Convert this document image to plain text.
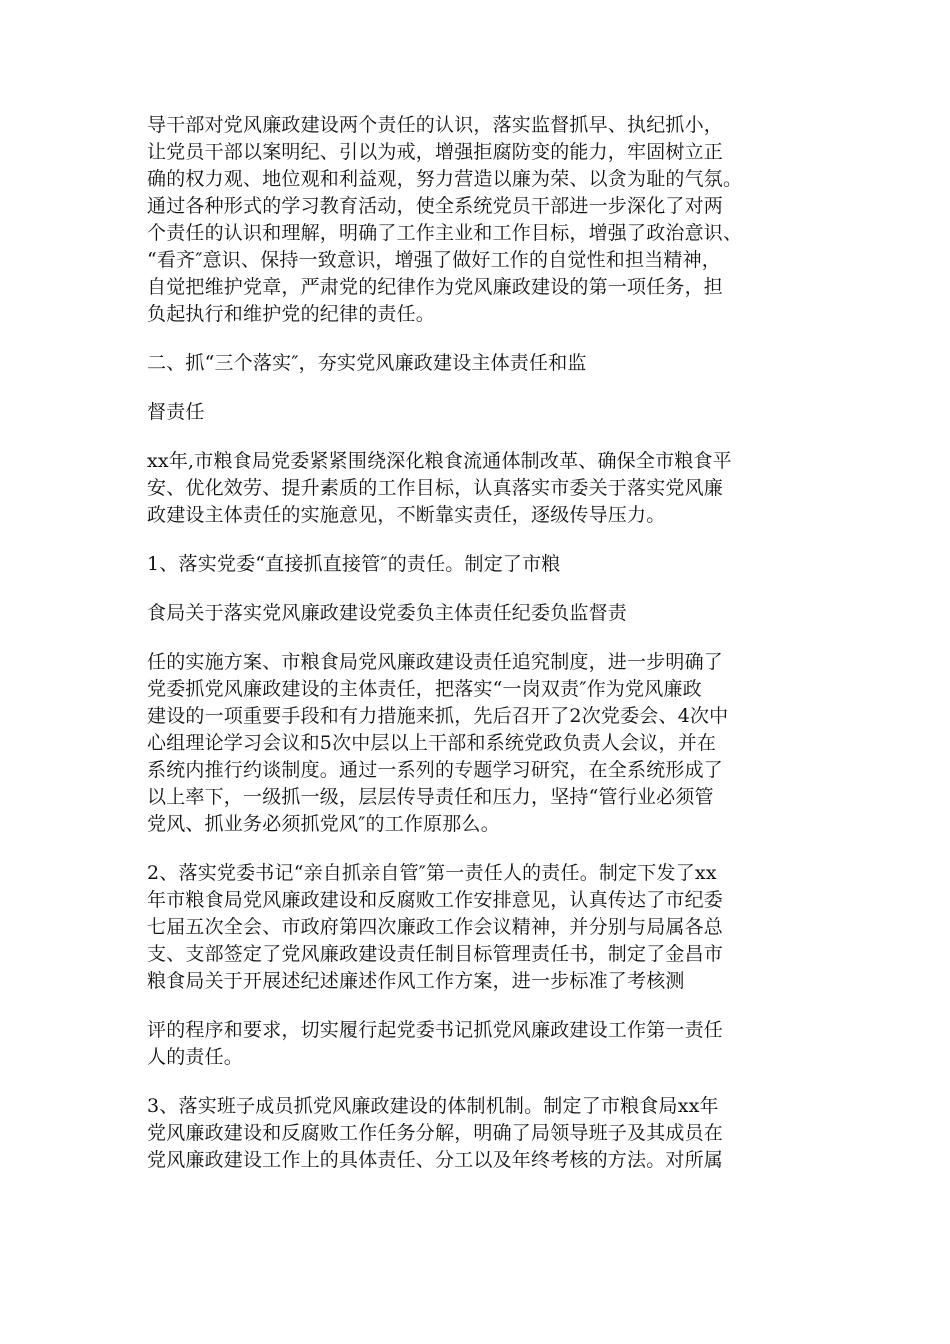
导干部对党风廉政建设两个责任的认识，落实监督抓早、执纪抓小，
让党员干部以案明纪、引以为戒，增强拒腐防变的能力，牢固树立正
确的权力观、地位观和利益观，努力营造以廉为荣、以贪为耻的气氛。
通过各种形式的学习教育活动，使全系统党员干部进一步深化了对两
个责任的认识和理解，明确了工作主业和工作目标，增强了政治意识、
“看齐″意识、保持一致意识，增强了做好工作的自觉性和担当精神，
自觉把维护党章，严肃党的纪律作为党风廉政建设的第一项任务，担
负起执行和维护党的纪律的责任。
二、抓“三个落实″，夯实党风廉政建设主体责任和监
督责任
xx年,市粮食局党委紧紧围绕深化粮食流通体制改革、确保全市粮食平
安、优化效劳、提升素质的工作目标，认真落实市委关于落实党风廉
政建设主体责任的实施意见，不断靠实责任，逐级传导压力。
1、落实党委“直接抓直接管″的责任。制定了市粮
食局关于落实党风廉政建设党委负主体责任纪委负监督责
任的实施方案、市粮食局党风廉政建设责任追究制度，进一步明确了
党委抓党风廉政建设的主体责任，把落实“一岗双责″作为党风廉政
建设的一项重要手段和有力措施来抓，先后召开了2次党委会、4次中
心组理论学习会议和5次中层以上干部和系统党政负责人会议，并在
系统内推行约谈制度。通过一系列的专题学习研究，在全系统形成了
以上率下，一级抓一级，层层传导责任和压力，坚持“管行业必须管
党风、抓业务必须抓党风″的工作原那么。
2、落实党委书记“亲自抓亲自管″第一责任人的责任。制定下发了xx
年市粮食局党风廉政建设和反腐败工作安排意见，认真传达了市纪委
七届五次全会、市政府第四次廉政工作会议精神，并分别与局属各总
支、支部签定了党风廉政建设责任制目标管理责任书，制定了金昌市
粮食局关于开展述纪述廉述作风工作方案，进一步标准了考核测
评的程序和要求，切实履行起党委书记抓党风廉政建设工作第一责任
人的责任。
3、落实班子成员抓党风廉政建设的体制机制。制定了市粮食局xx年
党风廉政建设和反腐败工作任务分解，明确了局领导班子及其成员在
党风廉政建设工作上的具体责任、分工以及年终考核的方法。对所属
